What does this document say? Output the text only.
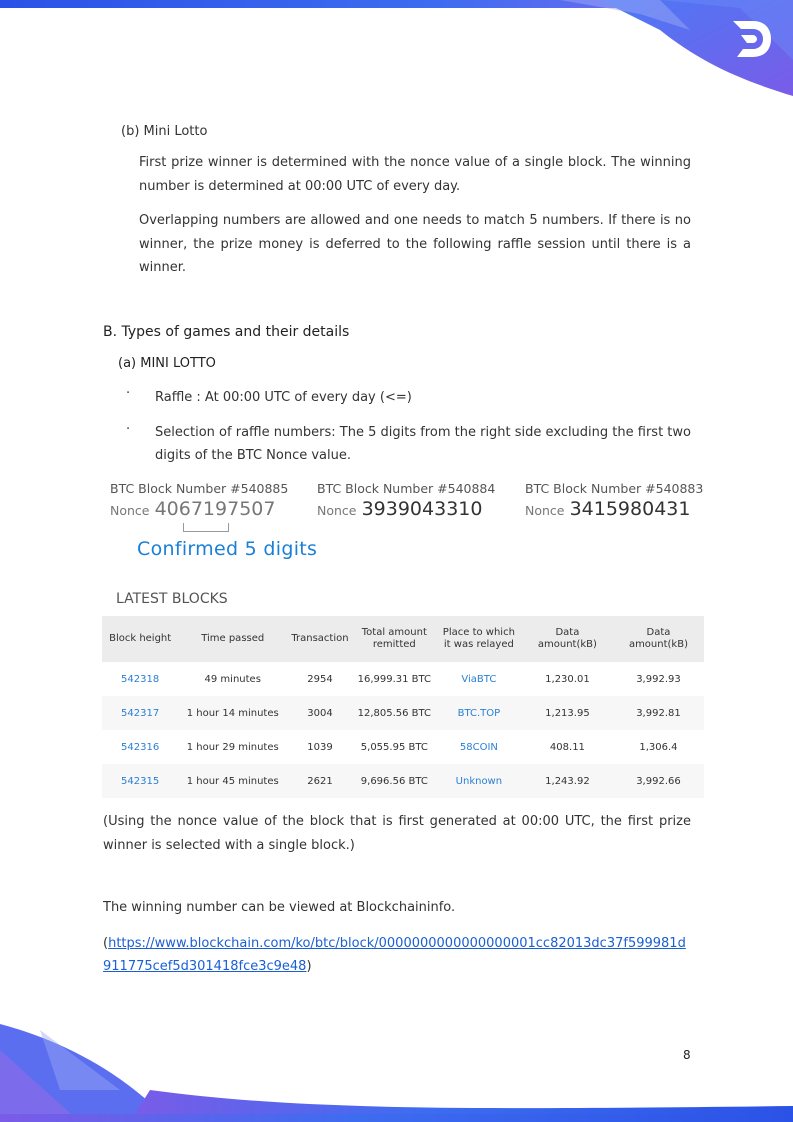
(b) Mini Lotto
First prize winner is determined with the nonce value of a single block. The winning number is determined at 00:00 UTC of every day.
Overlapping numbers are allowed and one needs to match 5 numbers. If there is no winner, the prize money is deferred to the following raffle session until there is a winner.
B. Types of games and their details
(a) MINI LOTTO
· Raffle : At 00:00 UTC of every day (<=)
· Selection of raffle numbers: The 5 digits from the right side excluding the first two digits of the BTC Nonce value.
BTC Block Number #540885
Nonce 4067197507
BTC Block Number #540884
Nonce 3939043310
BTC Block Number #540883
Nonce 3415980431
Confirmed 5 digits
LATEST BLOCKS
Block height	Time passed	Transaction	Total amount remitted	Place to which it was relayed	Data amount(kB)	Data amount(kB)
542318	49 minutes	2954	16,999.31 BTC	ViaBTC	1,230.01	3,992.93
542317	1 hour 14 minutes	3004	12,805.56 BTC	BTC.TOP	1,213.95	3,992.81
542316	1 hour 29 minutes	1039	5,055.95 BTC	58COIN	408.11	1,306.4
542315	1 hour 45 minutes	2621	9,696.56 BTC	Unknown	1,243.92	3,992.66
(Using the nonce value of the block that is first generated at 00:00 UTC, the first prize winner is selected with a single block.)
The winning number can be viewed at Blockchaininfo.
(https://www.blockchain.com/ko/btc/block/0000000000000000001cc82013dc37f599981d911775cef5d301418fce3c9e48)
8
